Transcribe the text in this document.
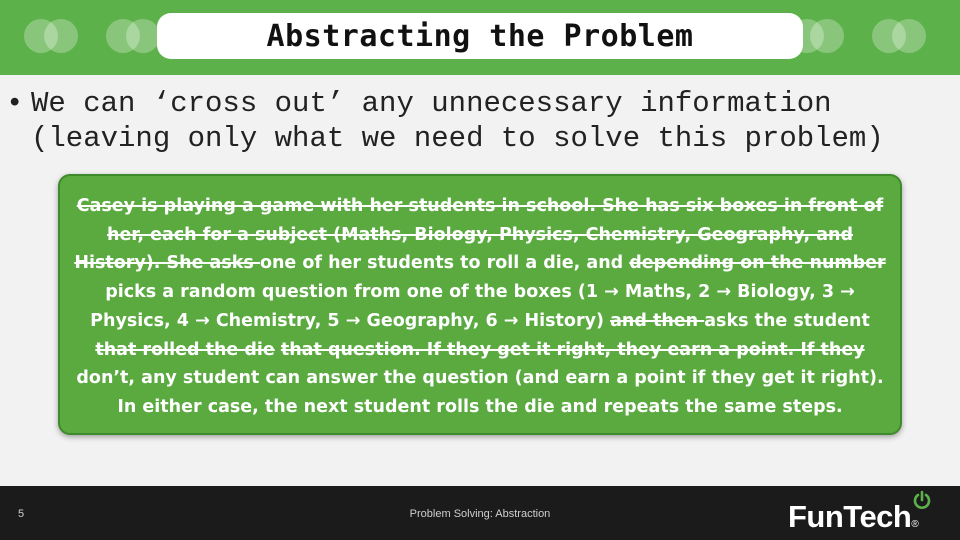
Abstracting the Problem
• We can ‘cross out’ any unnecessary information (leaving only what we need to solve this problem)
Casey is playing a game with her students in school. She has six boxes in front of her, each for a subject (Maths, Biology, Physics, Chemistry, Geography, and History). She asks one of her students to roll a die, and depending on the number picks a random question from one of the boxes (1 → Maths, 2 → Biology, 3 → Physics, 4 → Chemistry, 5 → Geography, 6 → History) and then asks the student that rolled the die that question. If they get it right, they earn a point. If they don’t, any student can answer the question (and earn a point if they get it right). In either case, the next student rolls the die and repeats the same steps.
5	Problem Solving: Abstraction	FunTech®
